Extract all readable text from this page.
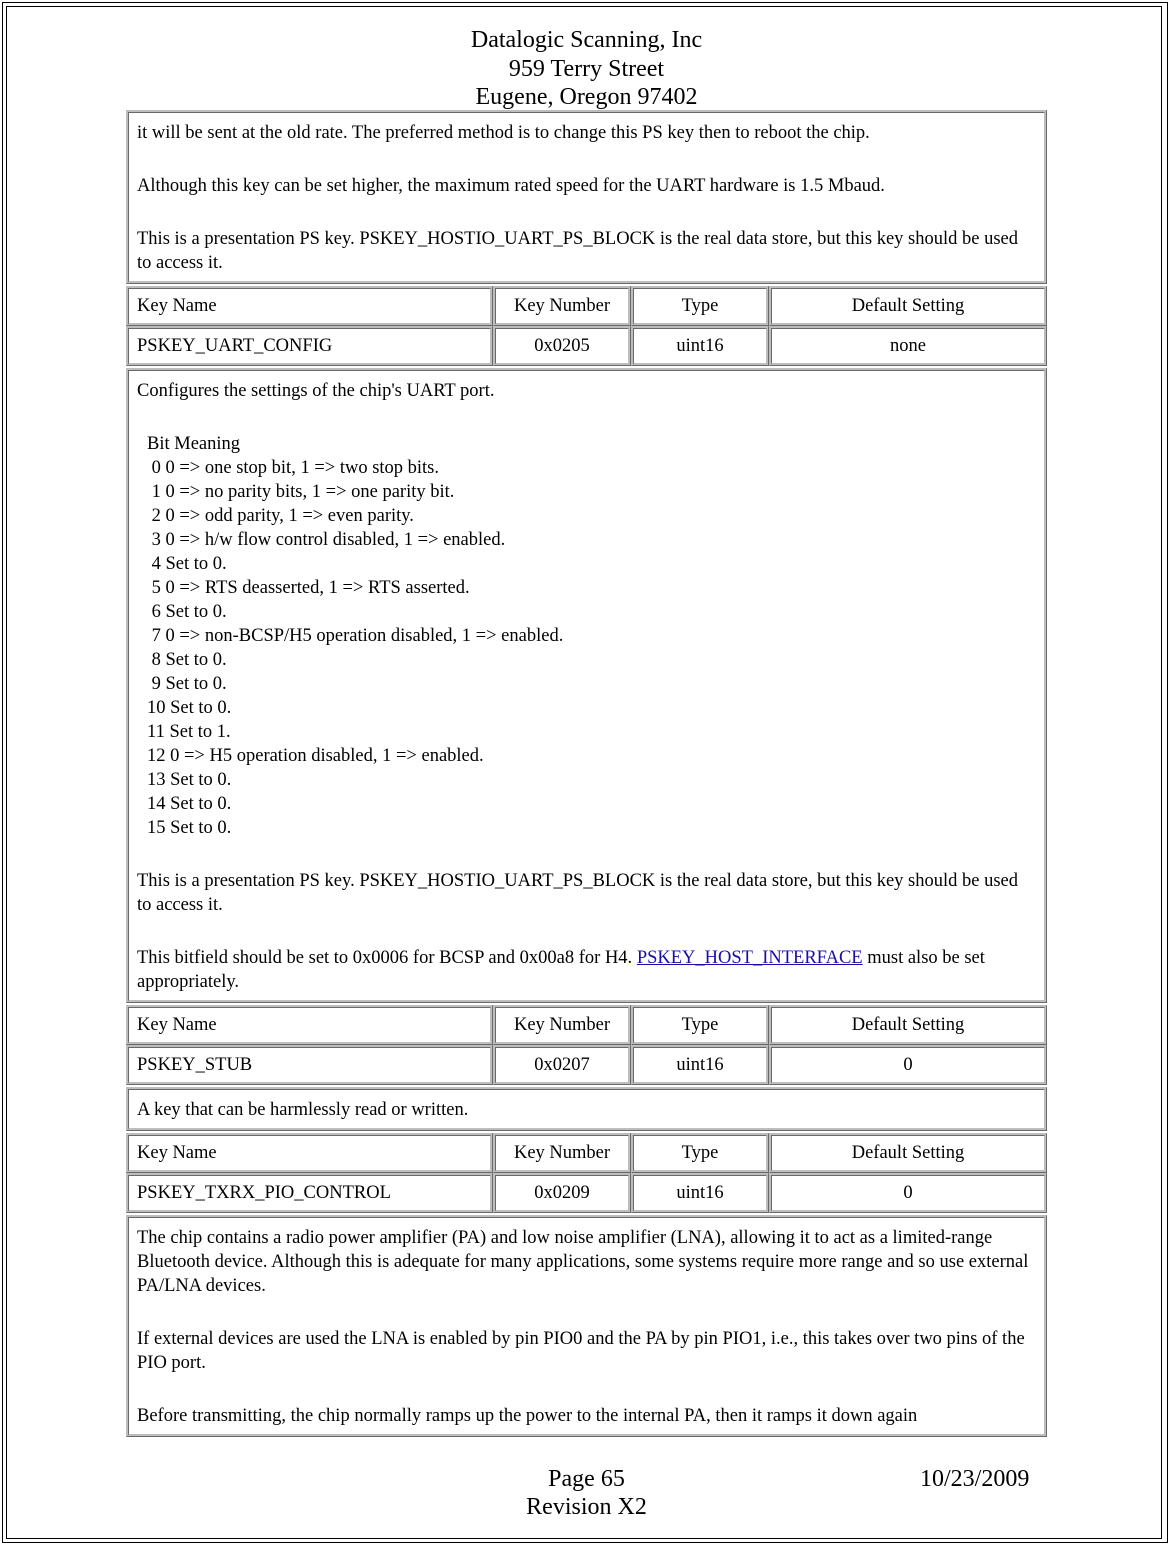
Datalogic Scanning, Inc
959 Terry Street
Eugene, Oregon 97402

it will be sent at the old rate. The preferred method is to change this PS key then to reboot the chip.

Although this key can be set higher, the maximum rated speed for the UART hardware is 1.5 Mbaud.

This is a presentation PS key. PSKEY_HOSTIO_UART_PS_BLOCK is the real data store, but this key should be used to access it.

Key Name	Key Number	Type	Default Setting
PSKEY_UART_CONFIG	0x0205	uint16	none

Configures the settings of the chip's UART port.

Bit Meaning
0 0 => one stop bit, 1 => two stop bits.
1 0 => no parity bits, 1 => one parity bit.
2 0 => odd parity, 1 => even parity.
3 0 => h/w flow control disabled, 1 => enabled.
4 Set to 0.
5 0 => RTS deasserted, 1 => RTS asserted.
6 Set to 0.
7 0 => non-BCSP/H5 operation disabled, 1 => enabled.
8 Set to 0.
9 Set to 0.
10 Set to 0.
11 Set to 1.
12 0 => H5 operation disabled, 1 => enabled.
13 Set to 0.
14 Set to 0.
15 Set to 0.

This is a presentation PS key. PSKEY_HOSTIO_UART_PS_BLOCK is the real data store, but this key should be used to access it.

This bitfield should be set to 0x0006 for BCSP and 0x00a8 for H4. PSKEY_HOST_INTERFACE must also be set appropriately.

Key Name	Key Number	Type	Default Setting
PSKEY_STUB	0x0207	uint16	0

A key that can be harmlessly read or written.

Key Name	Key Number	Type	Default Setting
PSKEY_TXRX_PIO_CONTROL	0x0209	uint16	0

The chip contains a radio power amplifier (PA) and low noise amplifier (LNA), allowing it to act as a limited-range Bluetooth device. Although this is adequate for many applications, some systems require more range and so use external PA/LNA devices.

If external devices are used the LNA is enabled by pin PIO0 and the PA by pin PIO1, i.e., this takes over two pins of the PIO port.

Before transmitting, the chip normally ramps up the power to the internal PA, then it ramps it down again

Page 65	10/23/2009
Revision X2
